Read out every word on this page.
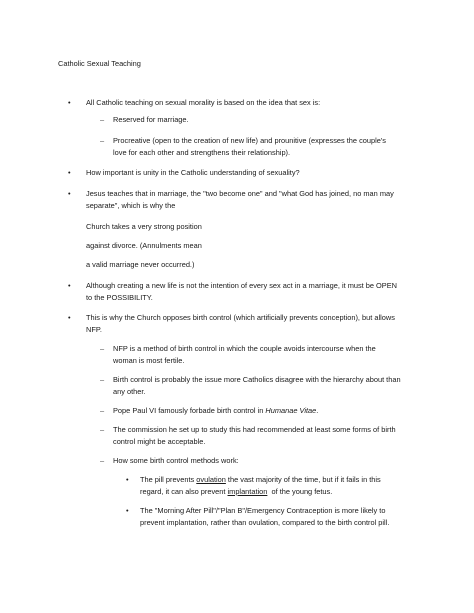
Catholic Sexual Teaching
• All Catholic teaching on sexual morality is based on the idea that sex is:
– Reserved for marriage.
– Procreative (open to the creation of new life) and prounitive (expresses the couple's
love for each other and strengthens their relationship).
• How important is unity in the Catholic understanding of sexuality?
• Jesus teaches that in marriage, the "two become one" and "what God has joined, no man may
separate", which is why the
Church takes a very strong position
against divorce. (Annulments mean
a valid marriage never occurred.)
• Although creating a new life is not the intention of every sex act in a marriage, it must be OPEN
to the POSSIBILITY.
• This is why the Church opposes birth control (which artificially prevents conception), but allows
NFP.
– NFP is a method of birth control in which the couple avoids intercourse when the
woman is most fertile.
– Birth control is probably the issue more Catholics disagree with the hierarchy about than
any other.
– Pope Paul VI famously forbade birth control in Humanae Vitae.
– The commission he set up to study this had recommended at least some forms of birth
control might be acceptable.
– How some birth control methods work:
• The pill prevents ovulation the vast majority of the time, but if it fails in this
regard, it can also prevent implantation  of the young fetus.
• The "Morning After Pill"/"Plan B"/Emergency Contraception is more likely to
prevent implantation, rather than ovulation, compared to the birth control pill.
